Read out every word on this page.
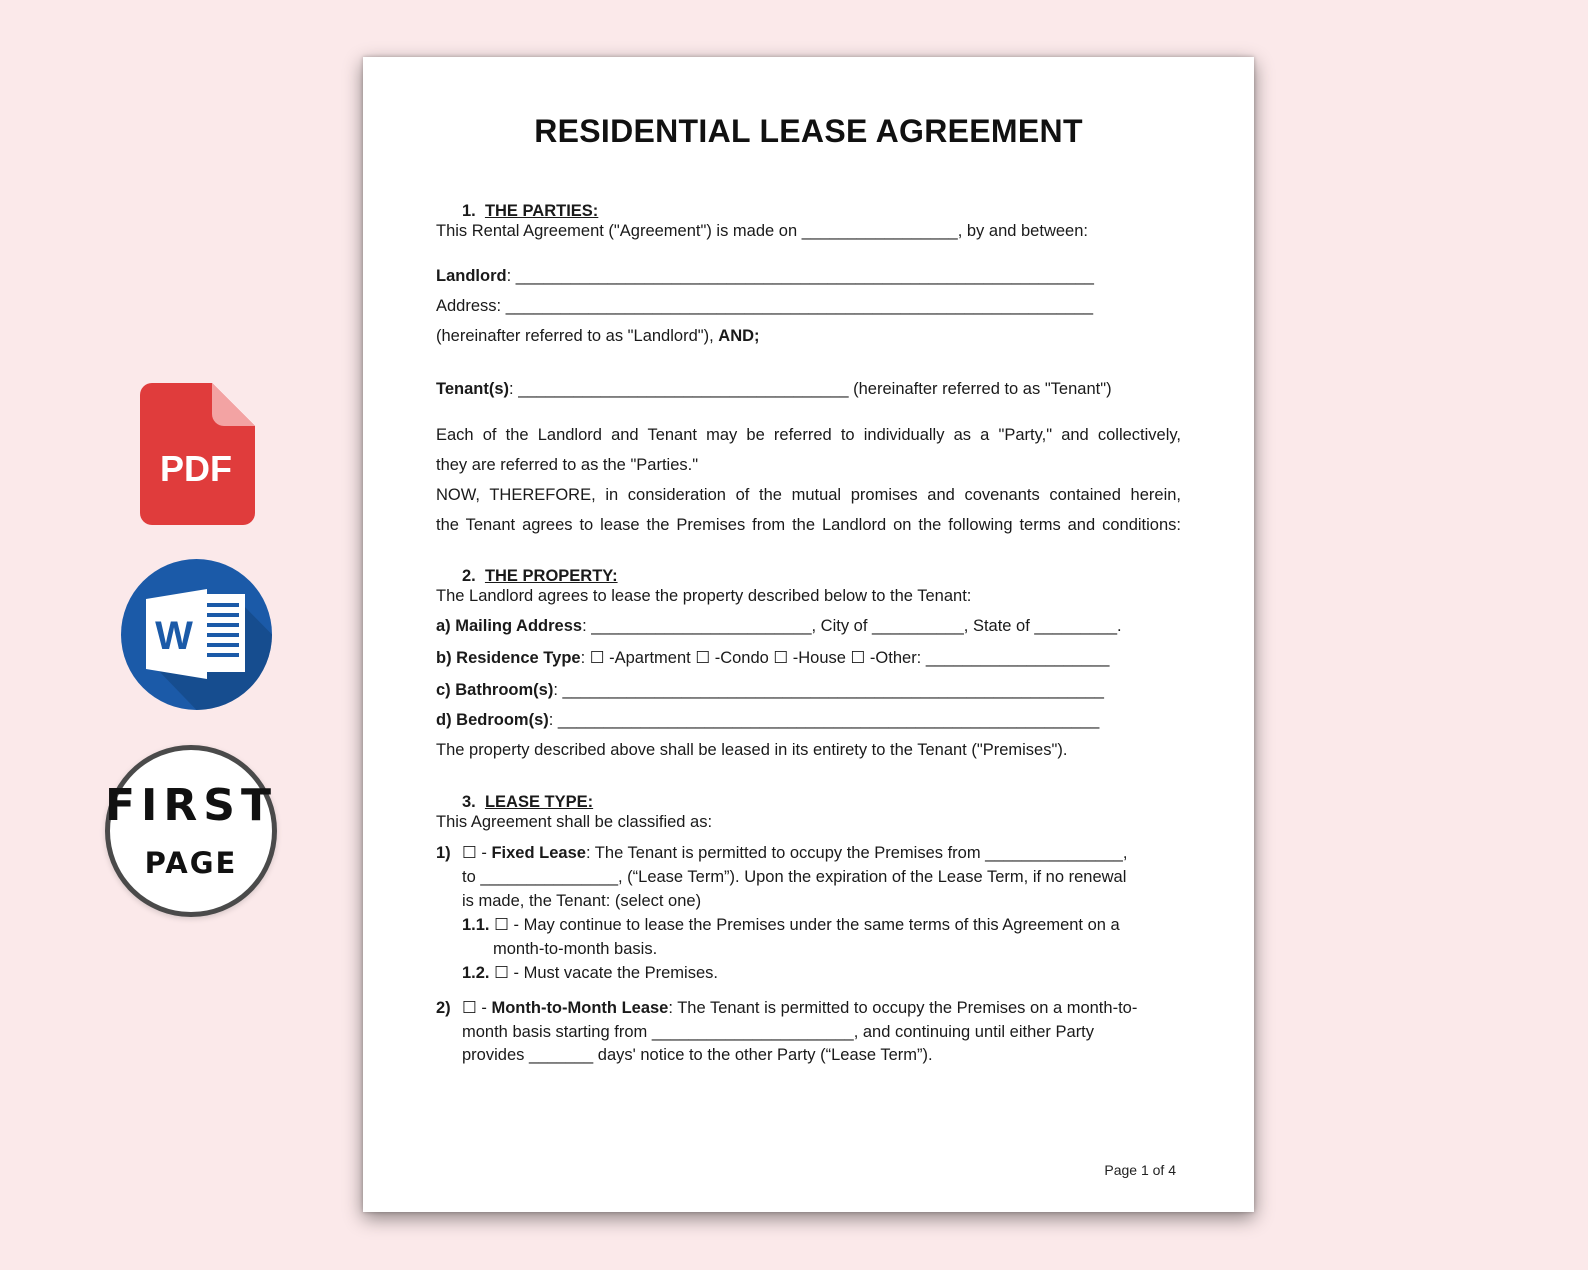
PDF
W
FIRST
PAGE
RESIDENTIAL LEASE AGREEMENT
1. THE PARTIES:
This Rental Agreement ("Agreement") is made on _________________, by and between:
Landlord: _______________________________________________________________
Address: ________________________________________________________________
(hereinafter referred to as "Landlord"), AND;
Tenant(s): ____________________________________ (hereinafter referred to as "Tenant")
Each of the Landlord and Tenant may be referred to individually as a "Party," and collectively,
they are referred to as the "Parties."
NOW, THEREFORE, in consideration of the mutual promises and covenants contained herein,
the Tenant agrees to lease the Premises from the Landlord on the following terms and conditions:
2. THE PROPERTY:
The Landlord agrees to lease the property described below to the Tenant:
a) Mailing Address: ________________________, City of __________, State of _________.
b) Residence Type: ☐ -Apartment ☐ -Condo ☐ -House ☐ -Other: ____________________
c) Bathroom(s): ___________________________________________________________
d) Bedroom(s): ___________________________________________________________
The property described above shall be leased in its entirety to the Tenant ("Premises").
3. LEASE TYPE:
This Agreement shall be classified as:
1) ☐ - Fixed Lease: The Tenant is permitted to occupy the Premises from _______________,
to _______________, (“Lease Term”). Upon the expiration of the Lease Term, if no renewal
is made, the Tenant: (select one)
1.1. ☐ - May continue to lease the Premises under the same terms of this Agreement on a
month-to-month basis.
1.2. ☐ - Must vacate the Premises.
2) ☐ - Month-to-Month Lease: The Tenant is permitted to occupy the Premises on a month-to-
month basis starting from ______________________, and continuing until either Party
provides _______ days' notice to the other Party (“Lease Term”).
Page 1 of 4
